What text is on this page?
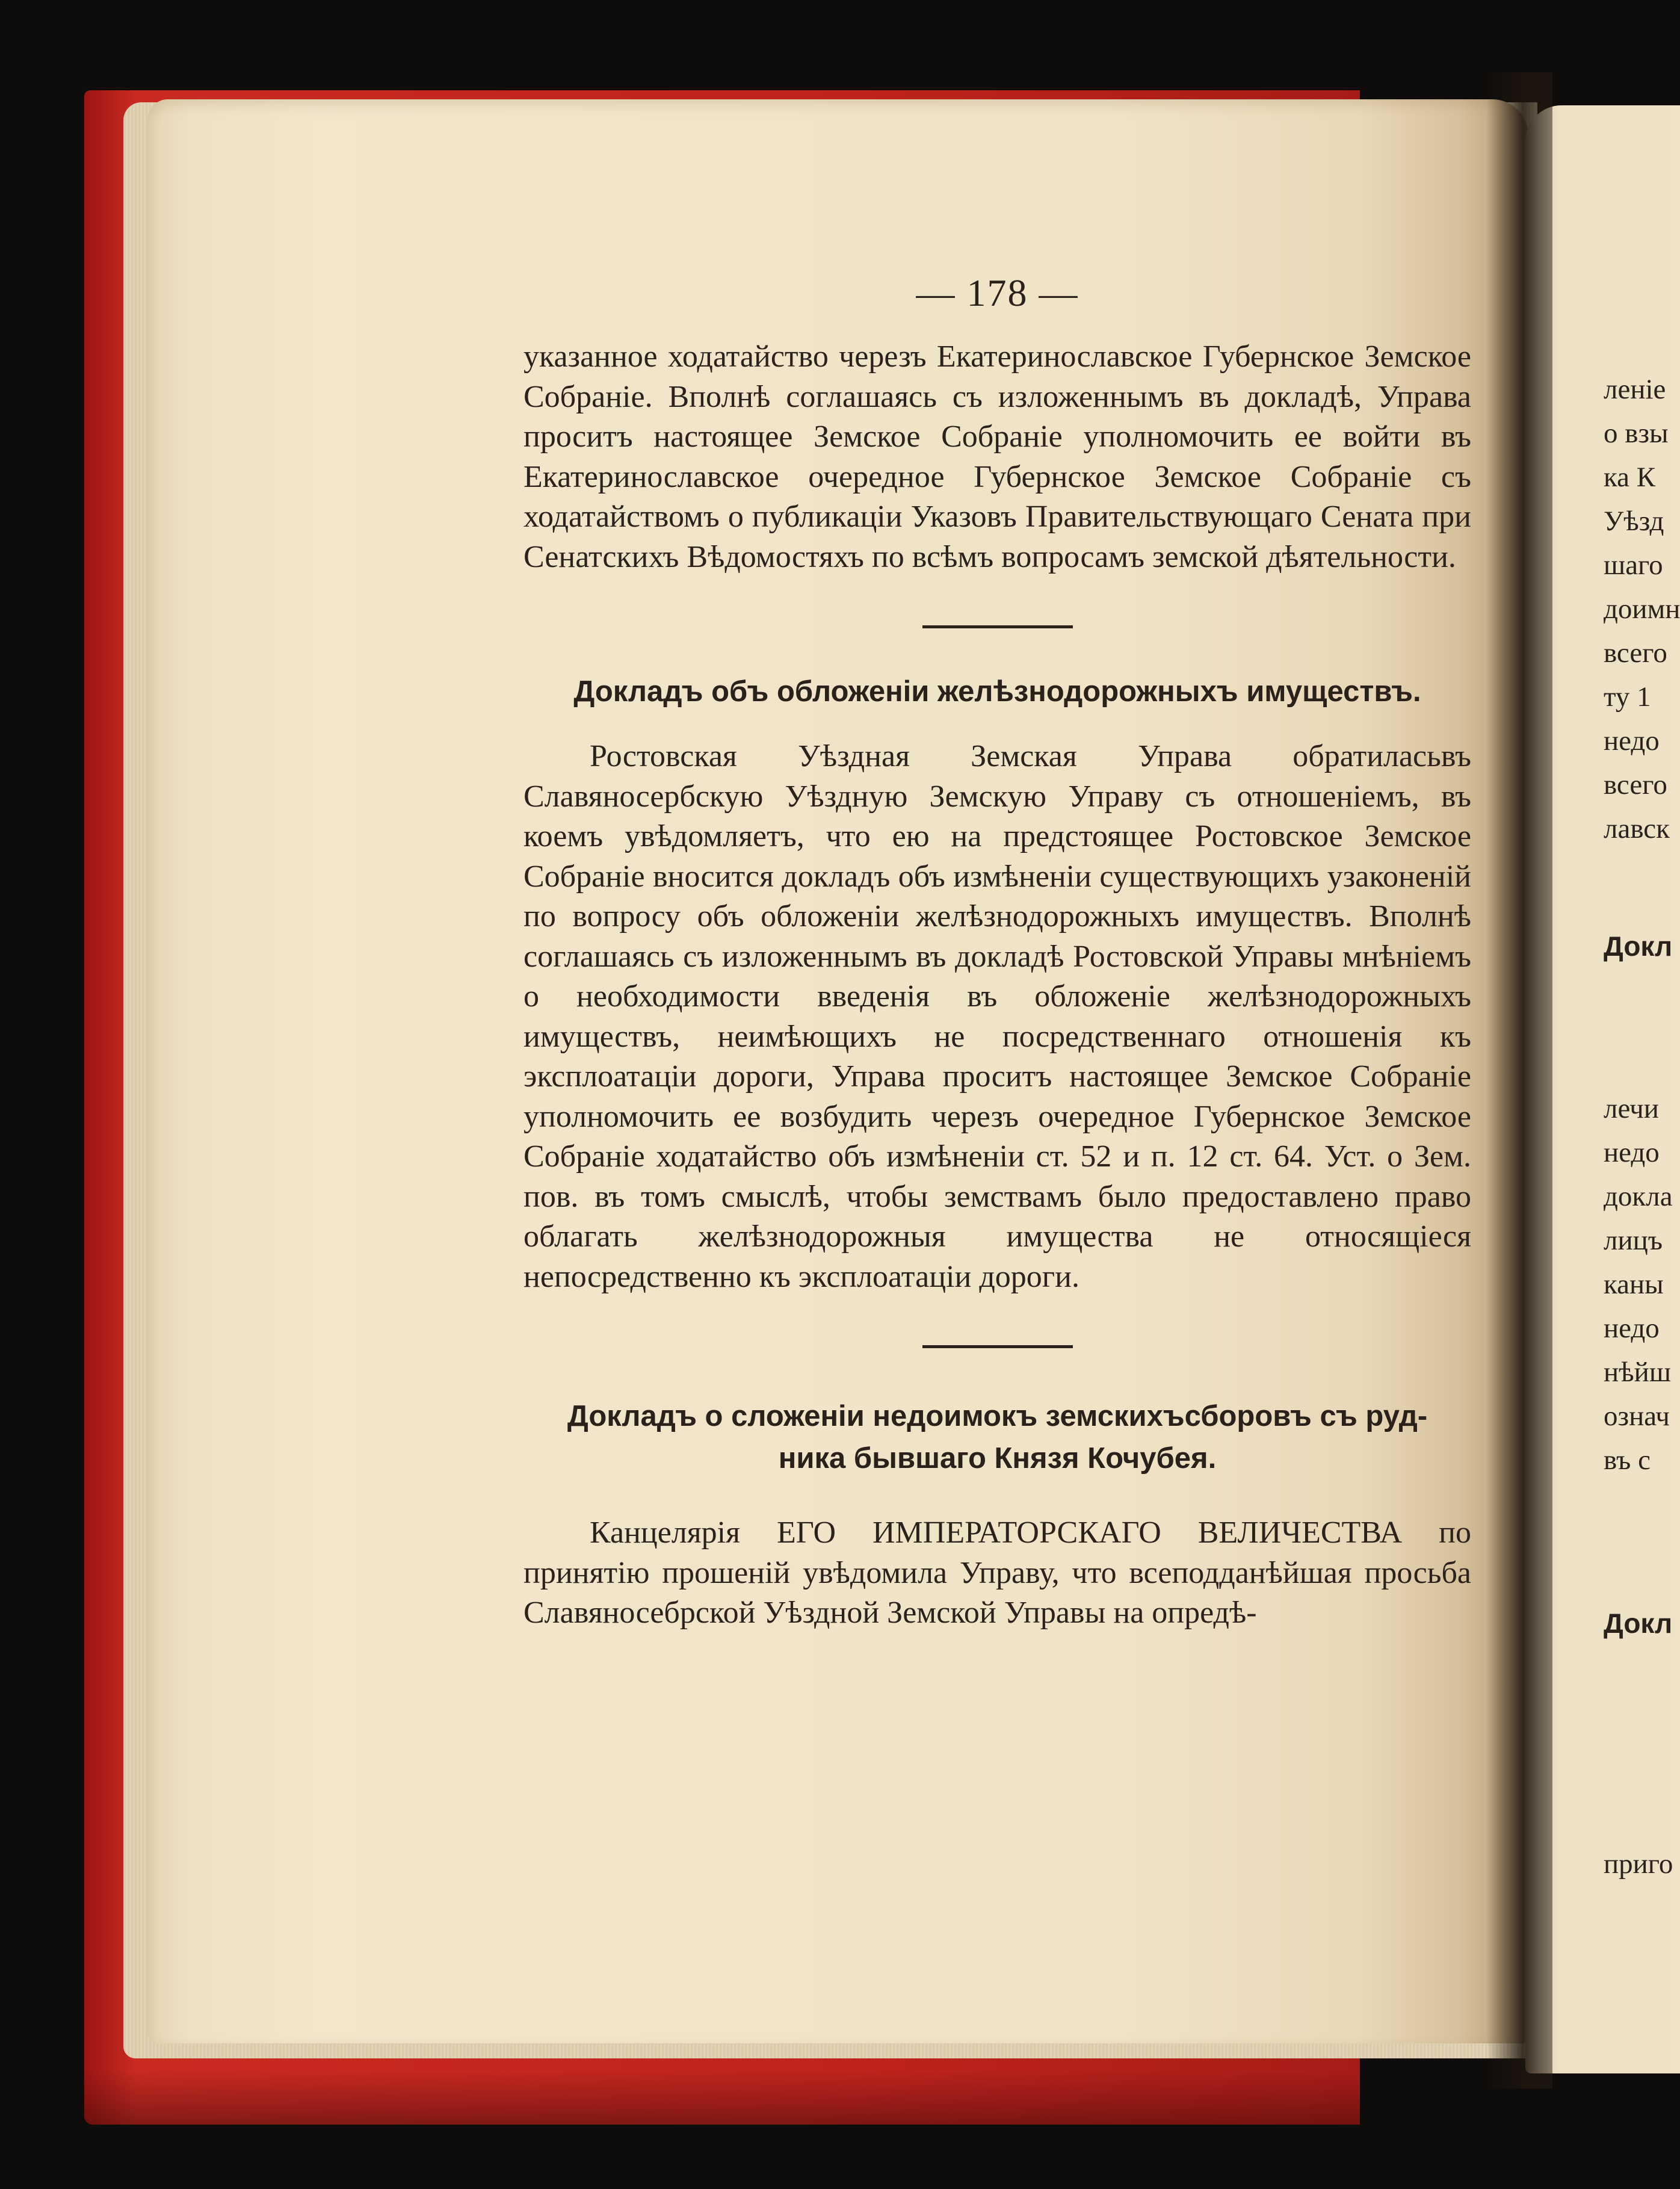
— 178 —

указанное ходатайство черезъ Екатеринославское Губернское Земское Собраніе. Вполнѣ соглашаясь съ изложеннымъ въ докладѣ, Управа проситъ настоящее Земское Собраніе уполномочить ее войти въ Екатеринославское очередное Губернское Земское Собраніе съ ходатайствомъ о публикаціи Указовъ Правительствующаго Сената при Сенатскихъ Вѣдомостяхъ по всѣмъ вопросамъ земской дѣятельности.

Докладъ объ обложеніи желѣзнодорожныхъ имуществъ.

Ростовская Уѣздная Земская Управа обратиласьвъ Славяносербскую Уѣздную Земскую Управу съ отношеніемъ, въ коемъ увѣдомляетъ, что ею на предстоящее Ростовское Земское Собраніе вносится докладъ объ измѣненіи существующихъ узаконеній по вопросу объ обложеніи желѣзнодорожныхъ имуществъ. Вполнѣ соглашаясь съ изложеннымъ въ докладѣ Ростовской Управы мнѣніемъ о необходимости введенія въ обложеніе желѣзнодорожныхъ имуществъ, неимѣющихъ не посредственнаго отношенія къ эксплоатаціи дороги, Управа проситъ настоящее Земское Собраніе уполномочить ее возбудить черезъ очередное Губернское Земское Собраніе ходатайство объ измѣненіи ст. 52 и п. 12 ст. 64. Уст. о Зем. пов. въ томъ смыслѣ, чтобы земствамъ было предоставлено право облагать желѣзнодорожныя имущества не относящіеся непосредственно къ эксплоатаціи дороги.

Докладъ о сложеніи недоимокъ земскихъсборовъ съ руд-
ника бывшаго Князя Кочубея.

Канцелярія ЕГО ИМПЕРАТОРСКАГО ВЕЛИЧЕСТВА по принятію прошеній увѣдомила Управу, что всеподданѣйшая просьба Славяносебрской Уѣздной Земской Управы на опредѣ-

леніе
о взы
ка К
Уѣзд
шаго
доимн
всего
ту 1
недо
всего
лавск
Докл
лечи
недо
докла
лицъ
каны
недо
нѣйш
означ
въ с
Докл
приго
